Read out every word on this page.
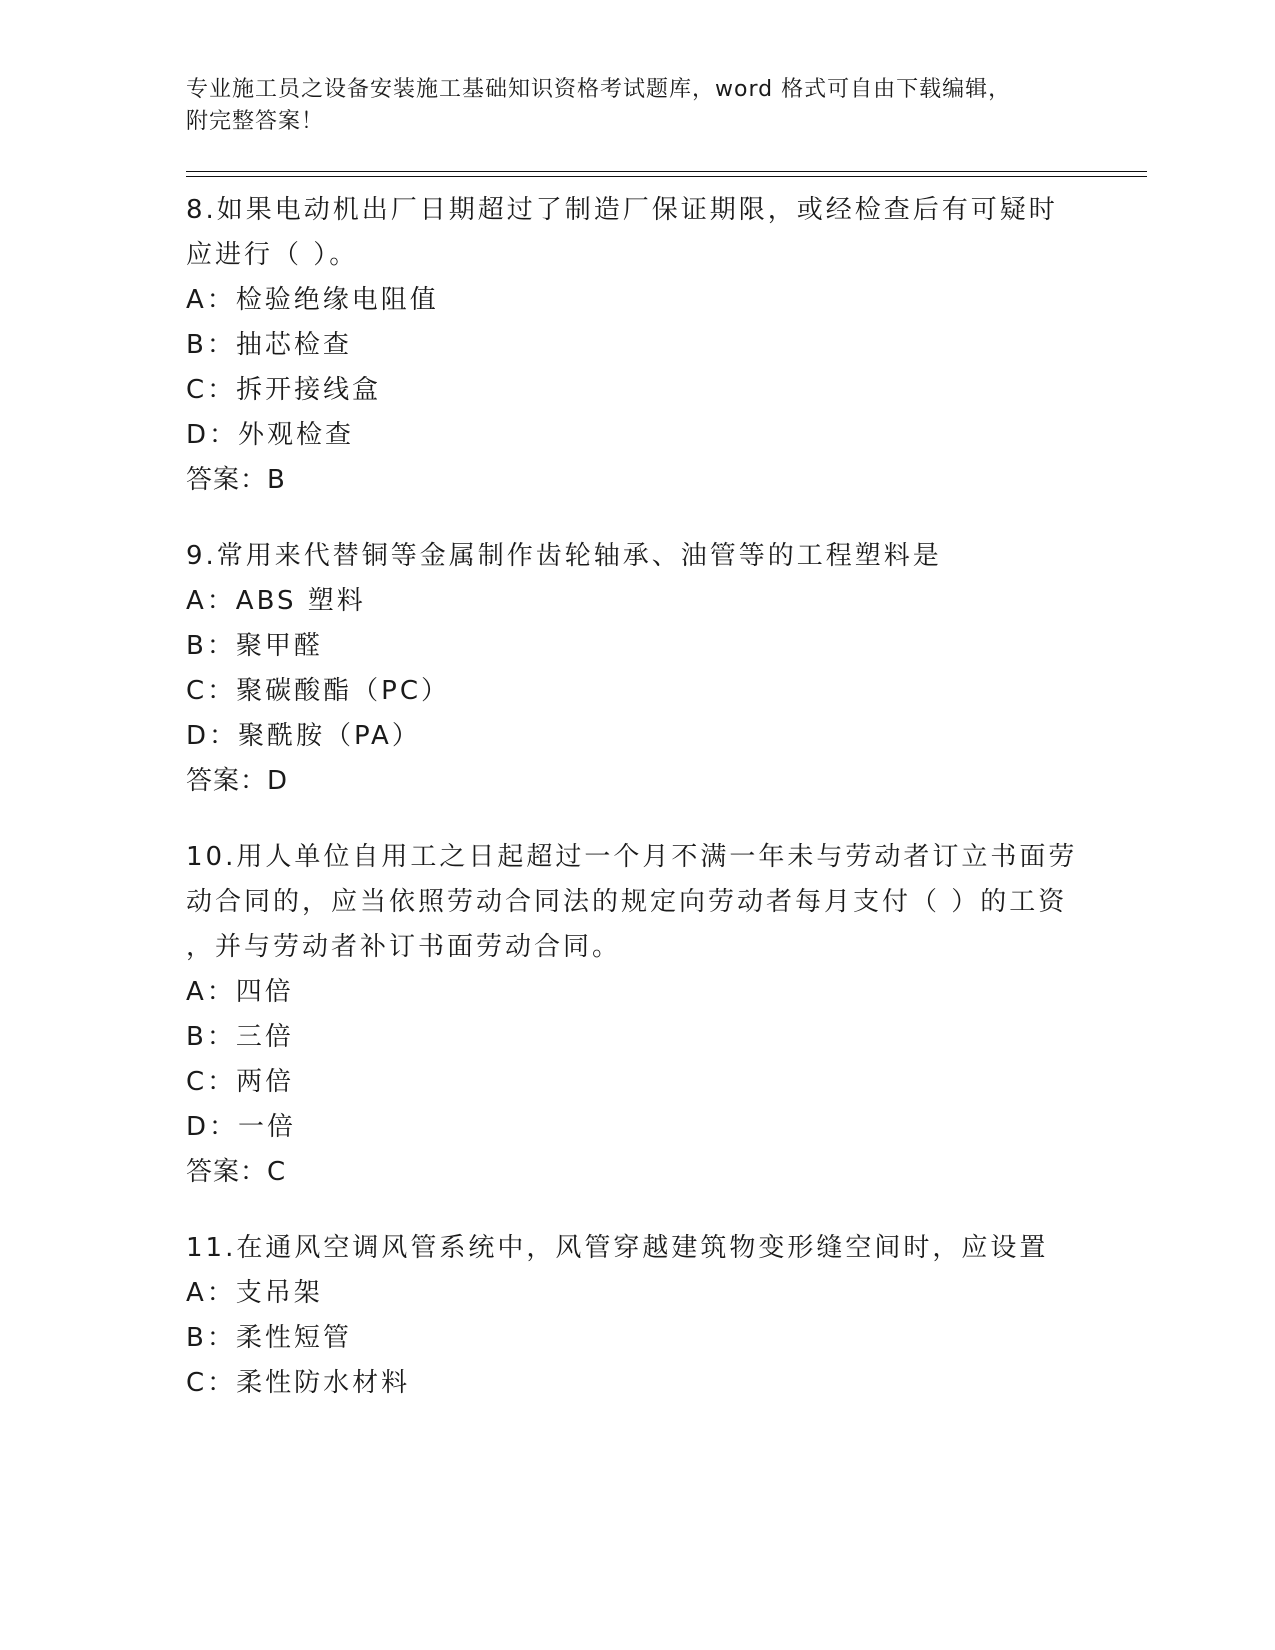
专业施工员之设备安装施工基础知识资格考试题库，word 格式可自由下载编辑，
附完整答案！

8.如果电动机出厂日期超过了制造厂保证期限，或经检查后有可疑时

应进行（ ）。

A：检验绝缘电阻值

B：抽芯检查

C：拆开接线盒

D：外观检查

答案：B

9.常用来代替铜等金属制作齿轮轴承、油管等的工程塑料是

A：ABS 塑料

B：聚甲醛

C：聚碳酸酯（PC）

D：聚酰胺（PA）

答案：D

10.用人单位自用工之日起超过一个月不满一年未与劳动者订立书面劳

动合同的，应当依照劳动合同法的规定向劳动者每月支付（ ）的工资

，并与劳动者补订书面劳动合同。

A：四倍

B：三倍

C：两倍

D：一倍

答案：C

11.在通风空调风管系统中，风管穿越建筑物变形缝空间时，应设置

A：支吊架

B：柔性短管

C：柔性防水材料
